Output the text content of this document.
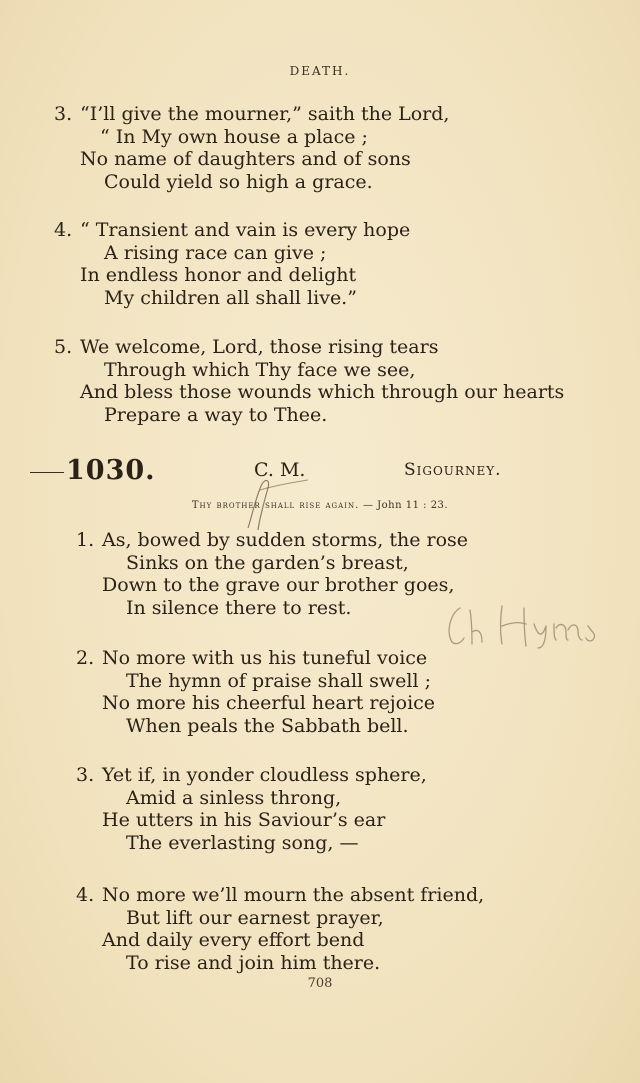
DEATH.
3. “I’ll give the mourner,” saith the Lord,
“ In My own house a place ;
No name of daughters and of sons
Could yield so high a grace.
4. “ Transient and vain is every hope
A rising race can give ;
In endless honor and delight
My children all shall live.”
5. We welcome, Lord, those rising tears
Through which Thy face we see,
And bless those wounds which through our hearts
Prepare a way to Thee.
1030.	C. M.	Sigourney.
Thy brother shall rise again. — John 11 : 23.
1. As, bowed by sudden storms, the rose
Sinks on the garden’s breast,
Down to the grave our brother goes,
In silence there to rest.
2. No more with us his tuneful voice
The hymn of praise shall swell ;
No more his cheerful heart rejoice
When peals the Sabbath bell.
3. Yet if, in yonder cloudless sphere,
Amid a sinless throng,
He utters in his Saviour’s ear
The everlasting song, —
4. No more we’ll mourn the absent friend,
But lift our earnest prayer,
And daily every effort bend
To rise and join him there.
708
